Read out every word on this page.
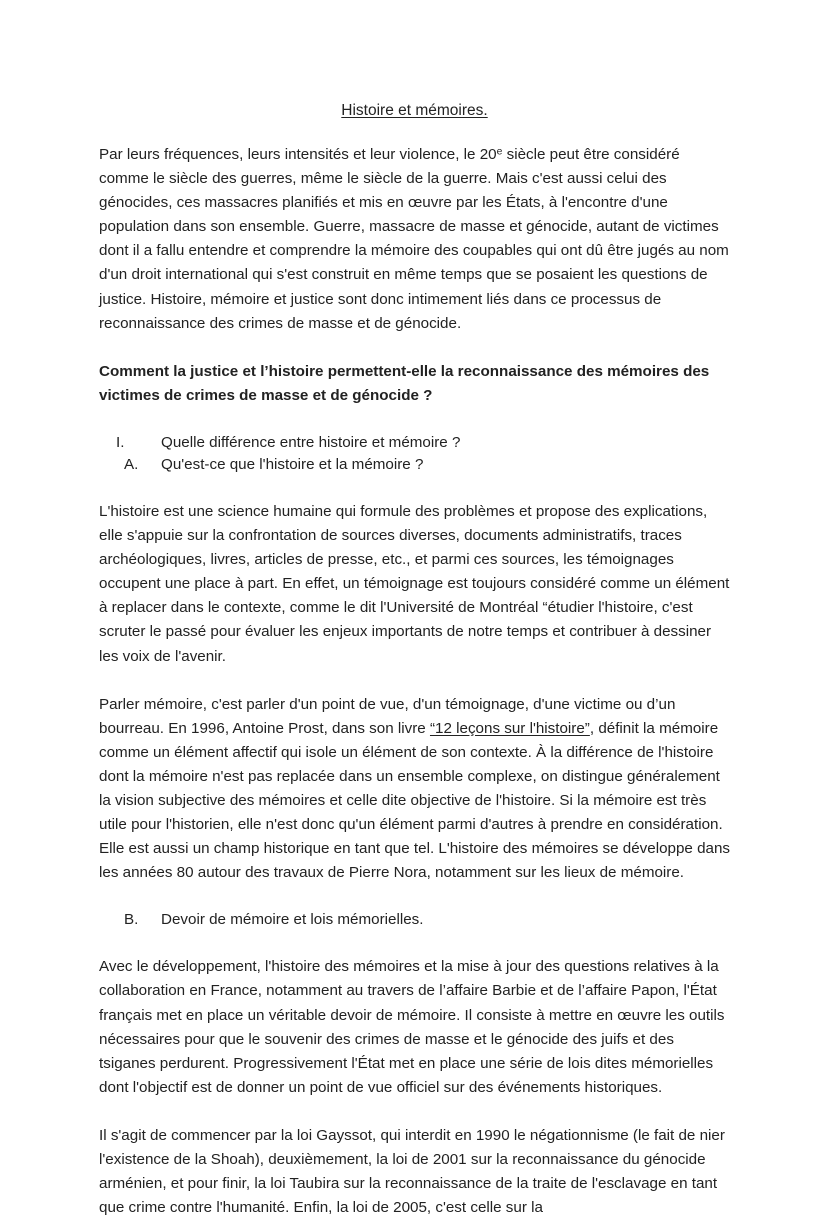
Histoire et mémoires.

Par leurs fréquences, leurs intensités et leur violence, le 20e siècle peut être considéré comme le siècle des guerres, même le siècle de la guerre. Mais c'est aussi celui des génocides, ces massacres planifiés et mis en œuvre par les États, à l'encontre d'une population dans son ensemble. Guerre, massacre de masse et génocide, autant de victimes dont il a fallu entendre et comprendre la mémoire des coupables qui ont dû être jugés au nom d'un droit international qui s'est construit en même temps que se posaient les questions de justice. Histoire, mémoire et justice sont donc intimement liés dans ce processus de reconnaissance des crimes de masse et de génocide.

Comment la justice et l’histoire permettent-elle la reconnaissance des mémoires des victimes de crimes de masse et de génocide ?

I.	Quelle différence entre histoire et mémoire ?
A.	Qu'est-ce que l'histoire et la mémoire ?

L'histoire est une science humaine qui formule des problèmes et propose des explications, elle s'appuie sur la confrontation de sources diverses, documents administratifs, traces archéologiques, livres, articles de presse, etc., et parmi ces sources, les témoignages occupent une place à part. En effet, un témoignage est toujours considéré comme un élément à replacer dans le contexte, comme le dit l'Université de Montréal “étudier l'histoire, c'est scruter le passé pour évaluer les enjeux importants de notre temps et contribuer à dessiner les voix de l'avenir.

Parler mémoire, c'est parler d'un point de vue, d'un témoignage, d'une victime ou d’un bourreau. En 1996, Antoine Prost, dans son livre “12 leçons sur l'histoire”, définit la mémoire comme un élément affectif qui isole un élément de son contexte. À la différence de l'histoire dont la mémoire n'est pas replacée dans un ensemble complexe, on distingue généralement la vision subjective des mémoires et celle dite objective de l'histoire. Si la mémoire est très utile pour l'historien, elle n'est donc qu'un élément parmi d'autres à prendre en considération. Elle est aussi un champ historique en tant que tel. L'histoire des mémoires se développe dans les années 80 autour des travaux de Pierre Nora, notamment sur les lieux de mémoire.

B.	Devoir de mémoire et lois mémorielles.

Avec le développement, l'histoire des mémoires et la mise à jour des questions relatives à la collaboration en France, notamment au travers de l’affaire Barbie et de l’affaire Papon, l'État français met en place un véritable devoir de mémoire. Il consiste à mettre en œuvre les outils nécessaires pour que le souvenir des crimes de masse et le génocide des juifs et des tsiganes perdurent. Progressivement l'État met en place une série de lois dites mémorielles dont l'objectif est de donner un point de vue officiel sur des événements historiques.

Il s'agit de commencer par la loi Gayssot, qui interdit en 1990 le négationnisme (le fait de nier l'existence de la Shoah), deuxièmement, la loi de 2001 sur la reconnaissance du génocide arménien, et pour finir, la loi Taubira sur la reconnaissance de la traite de l'esclavage en tant que crime contre l'humanité. Enfin, la loi de 2005, c'est celle sur la
